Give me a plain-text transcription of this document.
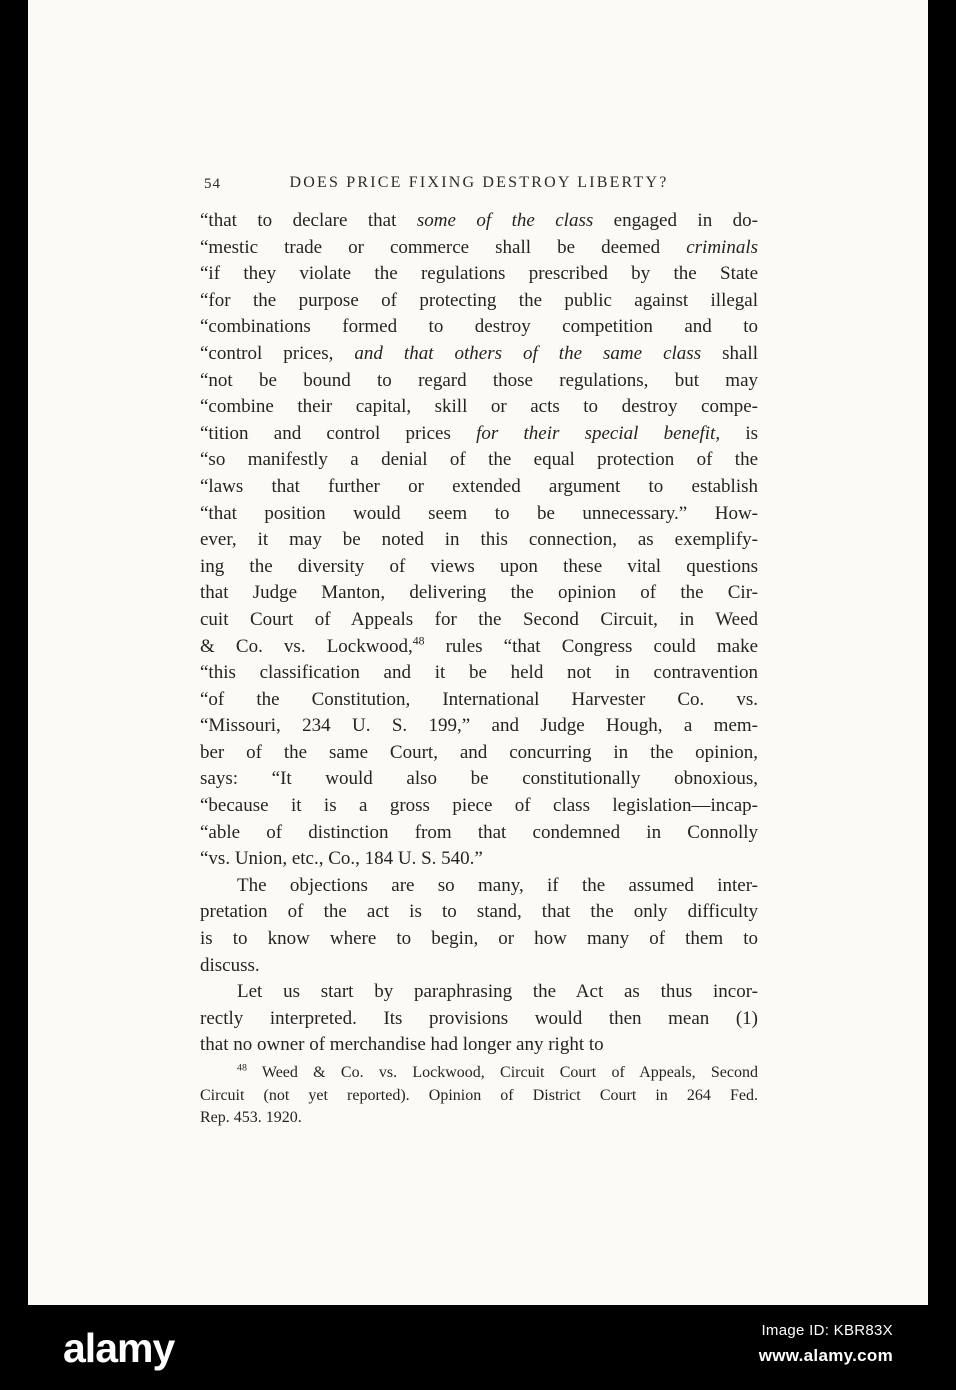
54	DOES PRICE FIXING DESTROY LIBERTY?
“that to declare that some of the class engaged in do-
“mestic trade or commerce shall be deemed criminals
“if they violate the regulations prescribed by the State
“for the purpose of protecting the public against illegal
“combinations formed to destroy competition and to
“control prices, and that others of the same class shall
“not be bound to regard those regulations, but may
“combine their capital, skill or acts to destroy compe-
“tition and control prices for their special benefit, is
“so manifestly a denial of the equal protection of the
“laws that further or extended argument to establish
“that position would seem to be unnecessary.” How-
ever, it may be noted in this connection, as exemplify-
ing the diversity of views upon these vital questions
that Judge Manton, delivering the opinion of the Cir-
cuit Court of Appeals for the Second Circuit, in Weed
& Co. vs. Lockwood,$^{48}$ rules “that Congress could make
“this classification and it be held not in contravention
“of the Constitution, International Harvester Co. vs.
“Missouri, 234 U. S. 199,” and Judge Hough, a mem-
ber of the same Court, and concurring in the opinion,
says: “It would also be constitutionally obnoxious,
“because it is a gross piece of class legislation—incap-
“able of distinction from that condemned in Connolly
“vs. Union, etc., Co., 184 U. S. 540.”
The objections are so many, if the assumed inter-
pretation of the act is to stand, that the only difficulty
is to know where to begin, or how many of them to
discuss.
Let us start by paraphrasing the Act as thus incor-
rectly interpreted. Its provisions would then mean (1)
that no owner of merchandise had longer any right to
$^{48}$ Weed & Co. vs. Lockwood, Circuit Court of Appeals, Second
Circuit (not yet reported). Opinion of District Court in 264 Fed.
Rep. 453. 1920.
alamy	Image ID: KBR83X
www.alamy.com
